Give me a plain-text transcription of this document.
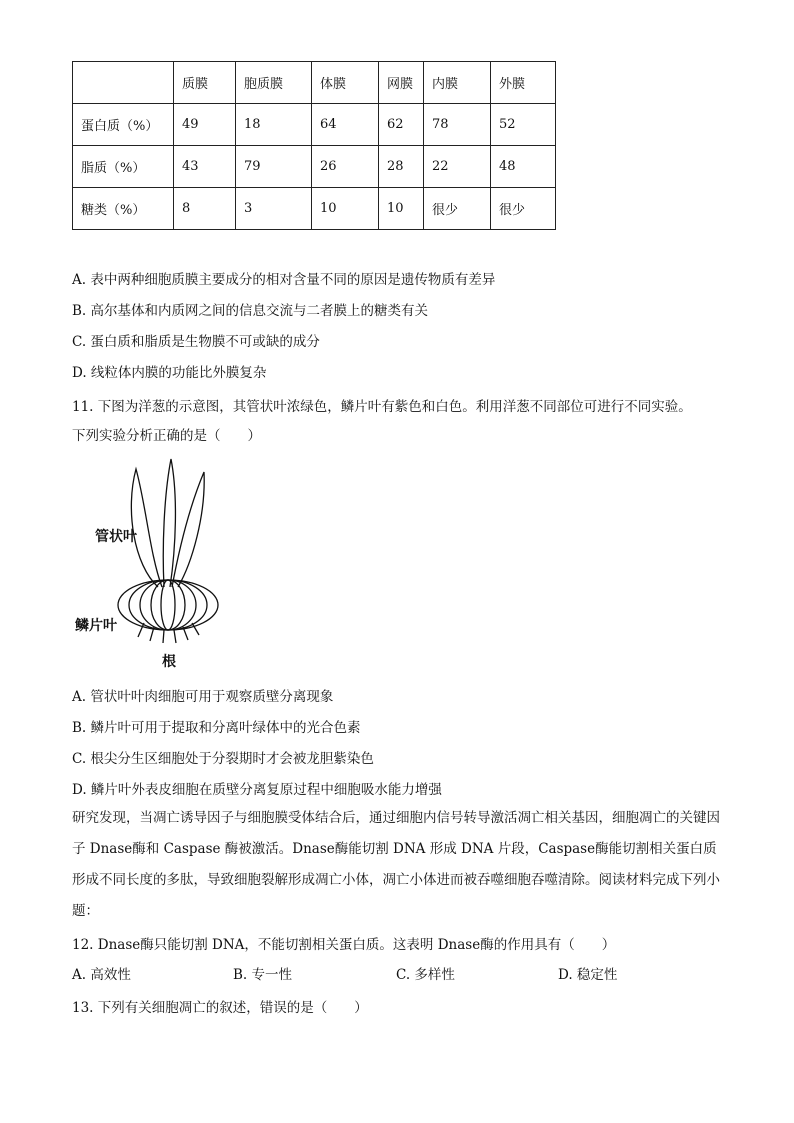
	质膜	胞质膜	体膜	网膜	内膜	外膜
蛋白质（%）	49	18	64	62	78	52
脂质（%）	43	79	26	28	22	48
糖类（%）	8	3	10	10	很少	很少
A. 表中两种细胞质膜主要成分的相对含量不同的原因是遗传物质有差异
B. 高尔基体和内质网之间的信息交流与二者膜上的糖类有关
C. 蛋白质和脂质是生物膜不可或缺的成分
D. 线粒体内膜的功能比外膜复杂
11. 下图为洋葱的示意图，其管状叶浓绿色，鳞片叶有紫色和白色。利用洋葱不同部位可进行不同实验。
下列实验分析正确的是（　　）
管状叶
鳞片叶
根
A. 管状叶叶肉细胞可用于观察质壁分离现象
B. 鳞片叶可用于提取和分离叶绿体中的光合色素
C. 根尖分生区细胞处于分裂期时才会被龙胆紫染色
D. 鳞片叶外表皮细胞在质壁分离复原过程中细胞吸水能力增强
研究发现，当凋亡诱导因子与细胞膜受体结合后，通过细胞内信号转导激活凋亡相关基因，细胞凋亡的关键因子 Dnase酶和 Caspase 酶被激活。Dnase酶能切割 DNA 形成 DNA 片段，Caspase酶能切割相关蛋白质形成不同长度的多肽，导致细胞裂解形成凋亡小体，凋亡小体进而被吞噬细胞吞噬清除。阅读材料完成下列小题：
12. Dnase酶只能切割 DNA，不能切割相关蛋白质。这表明 Dnase酶的作用具有（　　）
A. 高效性	B. 专一性	C. 多样性	D. 稳定性
13. 下列有关细胞凋亡的叙述，错误的是（　　）
